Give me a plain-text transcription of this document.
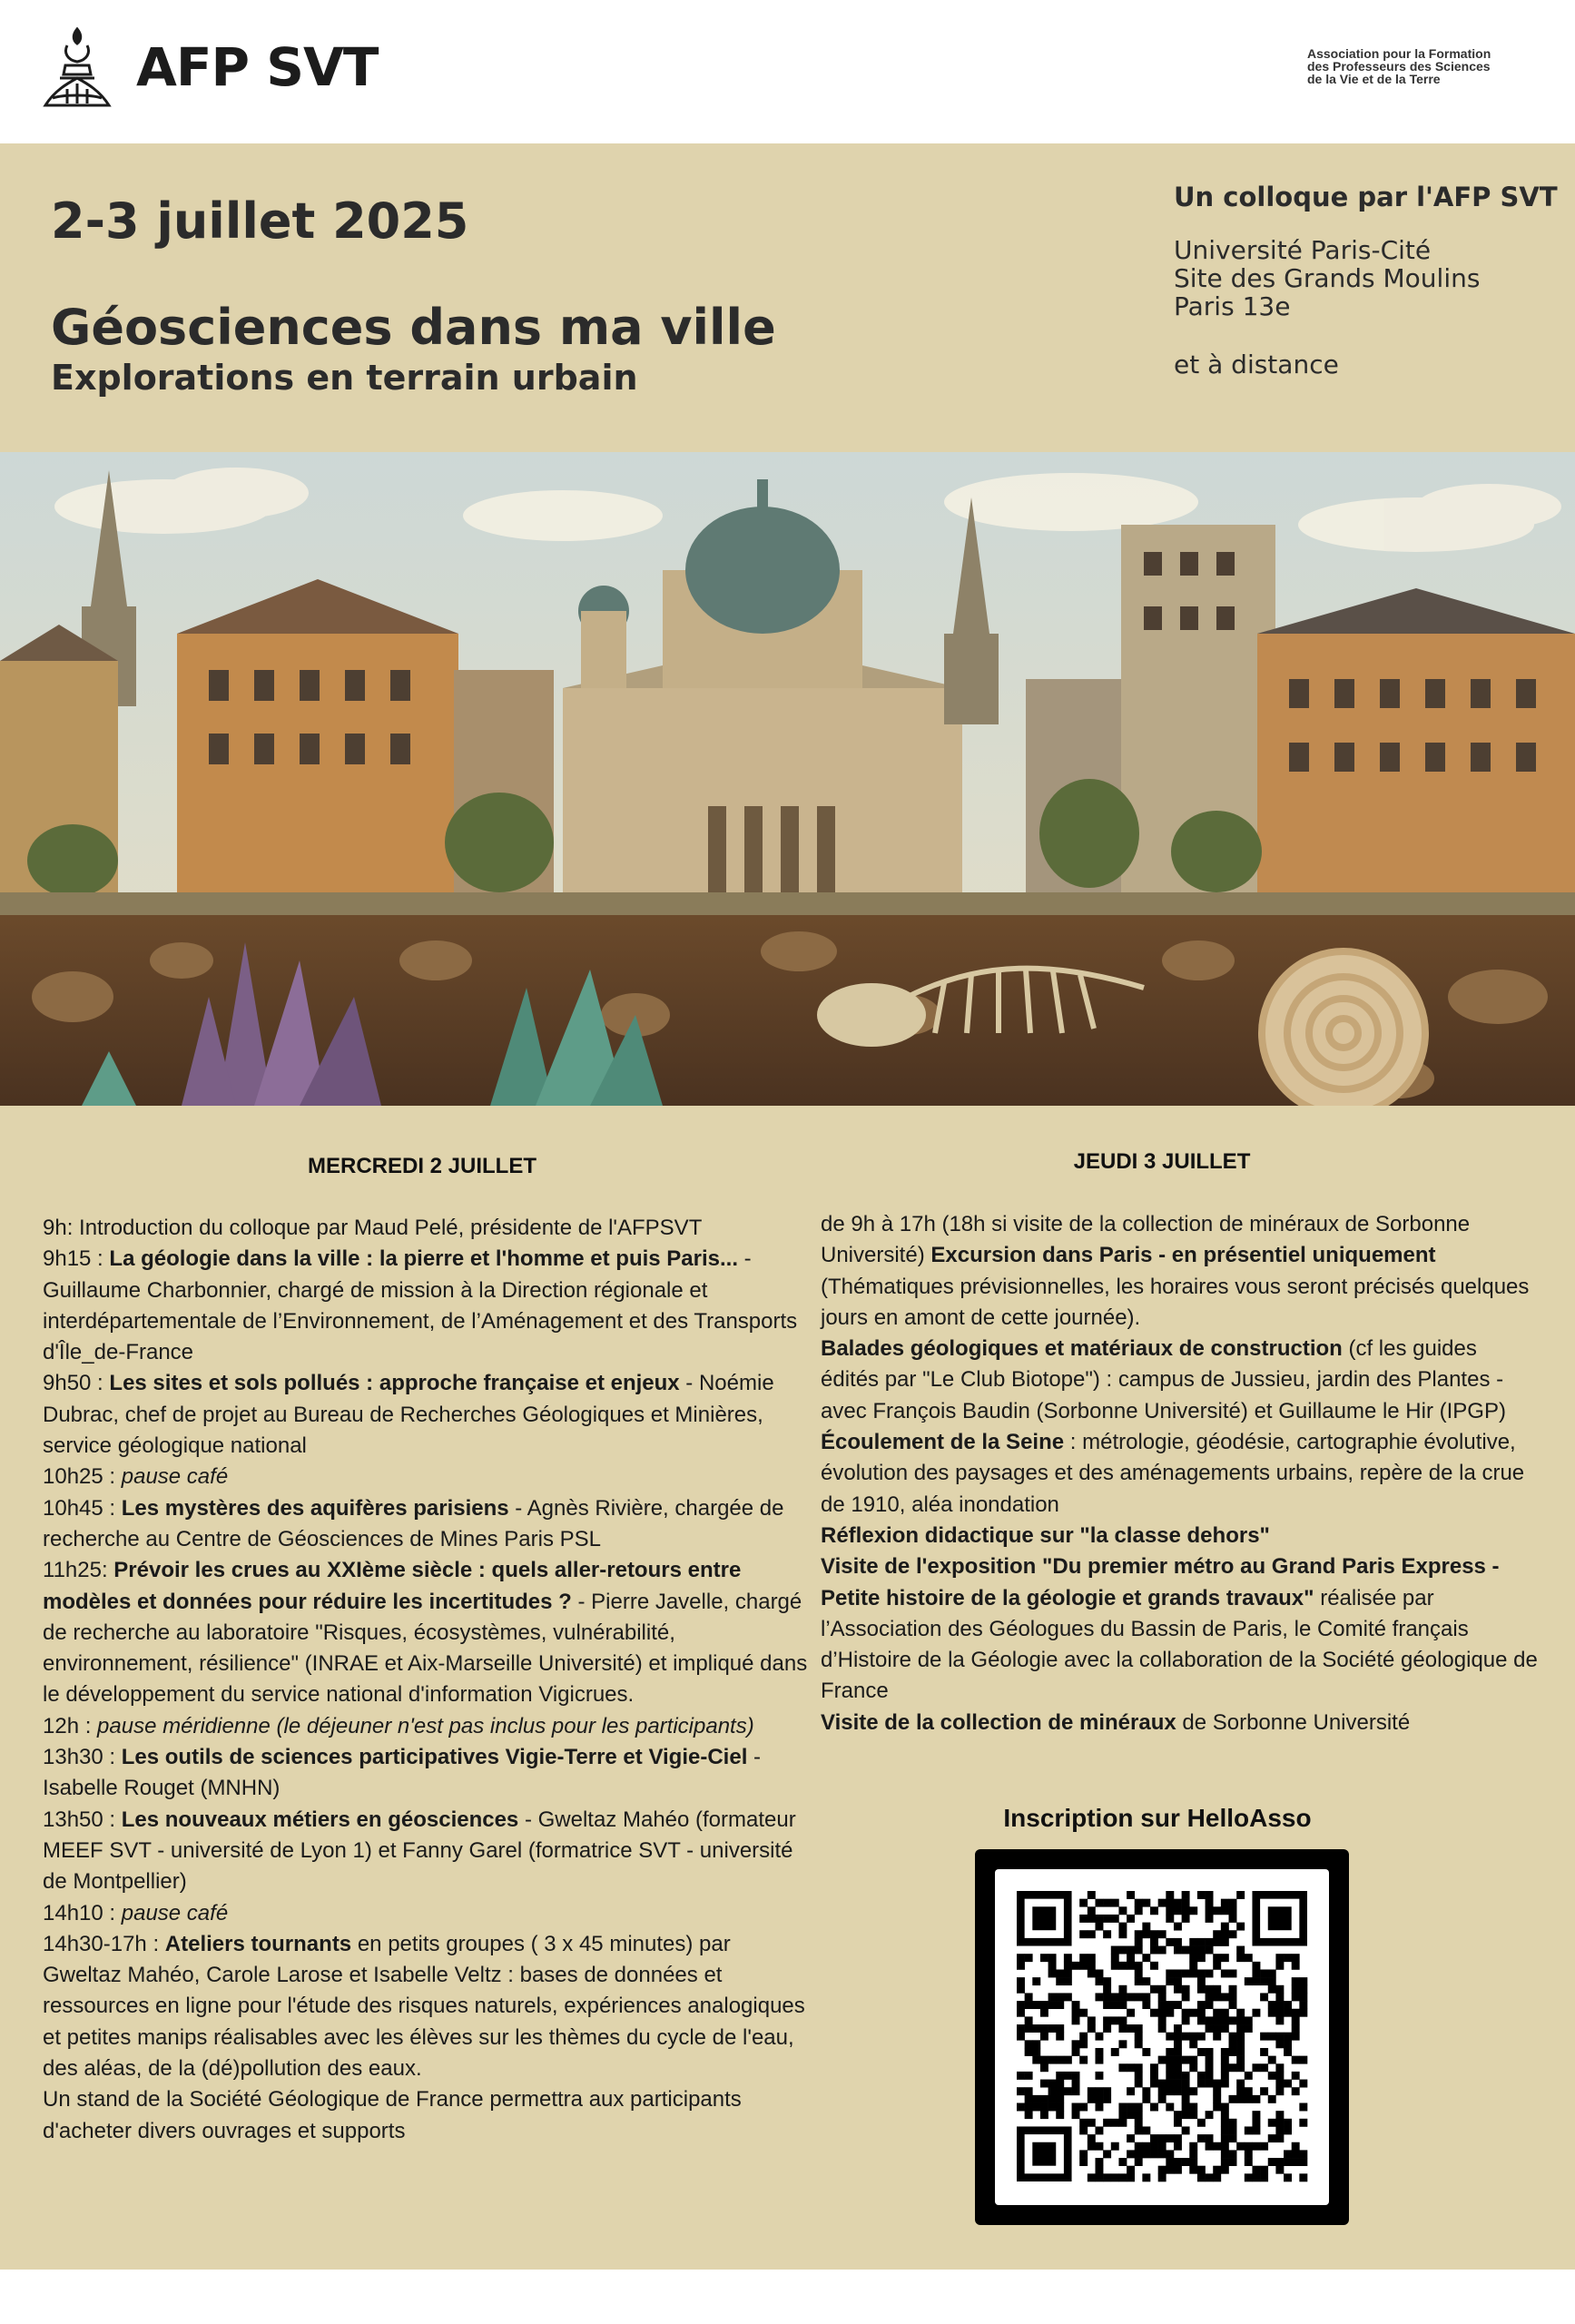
AFP SVT	Association pour la Formation
des Professeurs des Sciences
de la Vie et de la Terre
2-3 juillet 2025
Géosciences dans ma ville
Explorations en terrain urbain
Un colloque par l'AFP SVT
Université Paris-Cité
Site des Grands Moulins
Paris 13e
et à distance
MERCREDI 2 JUILLET	JEUDI 3 JUILLET

9h: Introduction du colloque par Maud Pelé, présidente de l'AFPSVT

9h15 : La géologie dans la ville : la pierre et l'homme et puis Paris... - Guillaume Charbonnier, chargé de mission à la Direction régionale et interdépartementale de l’Environnement, de l’Aménagement et des Transports d'Île_de-France

9h50 : Les sites et sols pollués : approche française et enjeux - Noémie Dubrac, chef de projet au Bureau de Recherches Géologiques et Minières, service géologique national

10h25 : pause café

10h45 : Les mystères des aquifères parisiens - Agnès Rivière, chargée de recherche au Centre de Géosciences de Mines Paris PSL

11h25: Prévoir les crues au XXIème siècle : quels aller-retours entre modèles et données pour réduire les incertitudes ? - Pierre Javelle, chargé de recherche au laboratoire "Risques, écosystèmes, vulnérabilité, environnement, résilience" (INRAE et Aix-Marseille Université) et impliqué dans le développement du service national d'information Vigicrues.

12h : pause méridienne (le déjeuner n'est pas inclus pour les participants)

13h30 : Les outils de sciences participatives Vigie-Terre et Vigie-Ciel - Isabelle Rouget (MNHN)

13h50 : Les nouveaux métiers en géosciences - Gweltaz Mahéo (formateur MEEF SVT - université de Lyon 1) et Fanny Garel (formatrice SVT - université de Montpellier)

14h10 : pause café

14h30-17h : Ateliers tournants en petits groupes ( 3 x 45 minutes) par Gweltaz Mahéo, Carole Larose et Isabelle Veltz : bases de données et ressources en ligne pour l'étude des risques naturels, expériences analogiques et petites manips réalisables avec les élèves sur les thèmes du cycle de l'eau, des aléas, de la (dé)pollution des eaux.

Un stand de la Société Géologique de France permettra aux participants d'acheter divers ouvrages et supports

de 9h à 17h (18h si visite de la collection de minéraux de Sorbonne Université) Excursion dans Paris - en présentiel uniquement (Thématiques prévisionnelles, les horaires vous seront précisés quelques jours en amont de cette journée).

Balades géologiques et matériaux de construction (cf les guides édités par "Le Club Biotope") : campus de Jussieu, jardin des Plantes - avec François Baudin (Sorbonne Université) et Guillaume le Hir (IPGP)

Écoulement de la Seine : métrologie, géodésie, cartographie évolutive, évolution des paysages et des aménagements urbains, repère de la crue de 1910, aléa inondation

Réflexion didactique sur "la classe dehors"

Visite de l'exposition "Du premier métro au Grand Paris Express - Petite histoire de la géologie et grands travaux" réalisée par l’Association des Géologues du Bassin de Paris, le Comité français d’Histoire de la Géologie avec la collaboration de la Société géologique de France

Visite de la collection de minéraux de Sorbonne Université

Inscription sur HelloAsso
